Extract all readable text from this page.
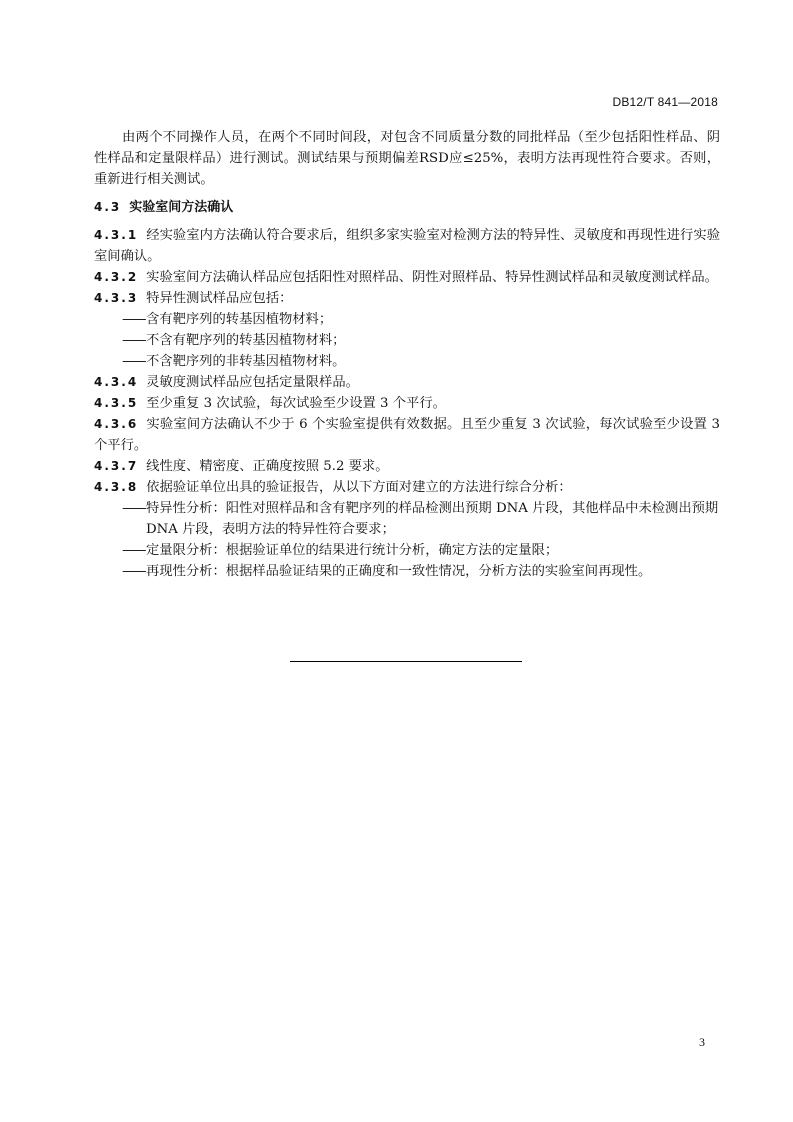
DB12/T 841—2018

由两个不同操作人员，在两个不同时间段，对包含不同质量分数的同批样品（至少包括阳性样品、阴性样品和定量限样品）进行测试。测试结果与预期偏差RSD应≤25%，表明方法再现性符合要求。否则，重新进行相关测试。

4.3 实验室间方法确认

4.3.1 经实验室内方法确认符合要求后，组织多家实验室对检测方法的特异性、灵敏度和再现性进行实验室间确认。

4.3.2 实验室间方法确认样品应包括阳性对照样品、阴性对照样品、特异性测试样品和灵敏度测试样品。

4.3.3 特异性测试样品应包括：

—— 含有靶序列的转基因植物材料；

—— 不含有靶序列的转基因植物材料；

—— 不含靶序列的非转基因植物材料。

4.3.4 灵敏度测试样品应包括定量限样品。

4.3.5 至少重复 3 次试验，每次试验至少设置 3 个平行。

4.3.6 实验室间方法确认不少于 6 个实验室提供有效数据。且至少重复 3 次试验，每次试验至少设置 3 个平行。

4.3.7 线性度、精密度、正确度按照 5.2 要求。

4.3.8 依据验证单位出具的验证报告，从以下方面对建立的方法进行综合分析：

—— 特异性分析：阳性对照样品和含有靶序列的样品检测出预期 DNA 片段，其他样品中未检测出预期 DNA 片段，表明方法的特异性符合要求；

—— 定量限分析：根据验证单位的结果进行统计分析，确定方法的定量限；

—— 再现性分析：根据样品验证结果的正确度和一致性情况，分析方法的实验室间再现性。

3
